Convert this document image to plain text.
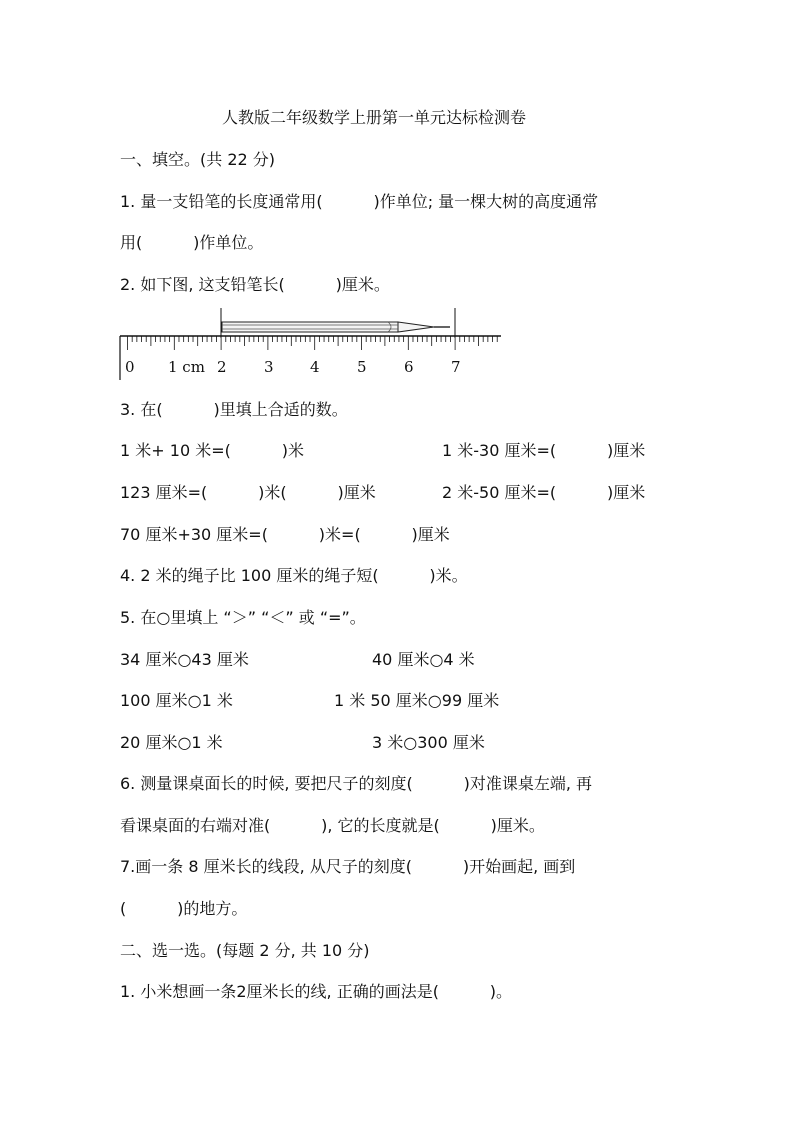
人教版二年级数学上册第一单元达标检测卷
一、填空。(共 22 分)
1. 量一支铅笔的长度通常用(          )作单位; 量一棵大树的高度通常
用(          )作单位。
2. 如下图, 这支铅笔长(          )厘米。
0 1 cm 2 3 4 5 6 7
3. 在(          )里填上合适的数。
1 米+ 10 米=(          )米	1 米-30 厘米=(          )厘米
123 厘米=(          )米(          )厘米	2 米-50 厘米=(          )厘米
70 厘米+30 厘米=(          )米=(          )厘米
4. 2 米的绳子比 100 厘米的绳子短(          )米。
5. 在○里填上 “＞” “＜” 或 “=”。
34 厘米○43 厘米	40 厘米○4 米
100 厘米○1 米	1 米 50 厘米○99 厘米
20 厘米○1 米	3 米○300 厘米
6. 测量课桌面长的时候, 要把尺子的刻度(          )对准课桌左端, 再
看课桌面的右端对准(          ), 它的长度就是(          )厘米。
7.画一条 8 厘米长的线段, 从尺子的刻度(          )开始画起, 画到
(          )的地方。
二、选一选。(每题 2 分, 共 10 分)
1. 小米想画一条2厘米长的线, 正确的画法是(          )。
